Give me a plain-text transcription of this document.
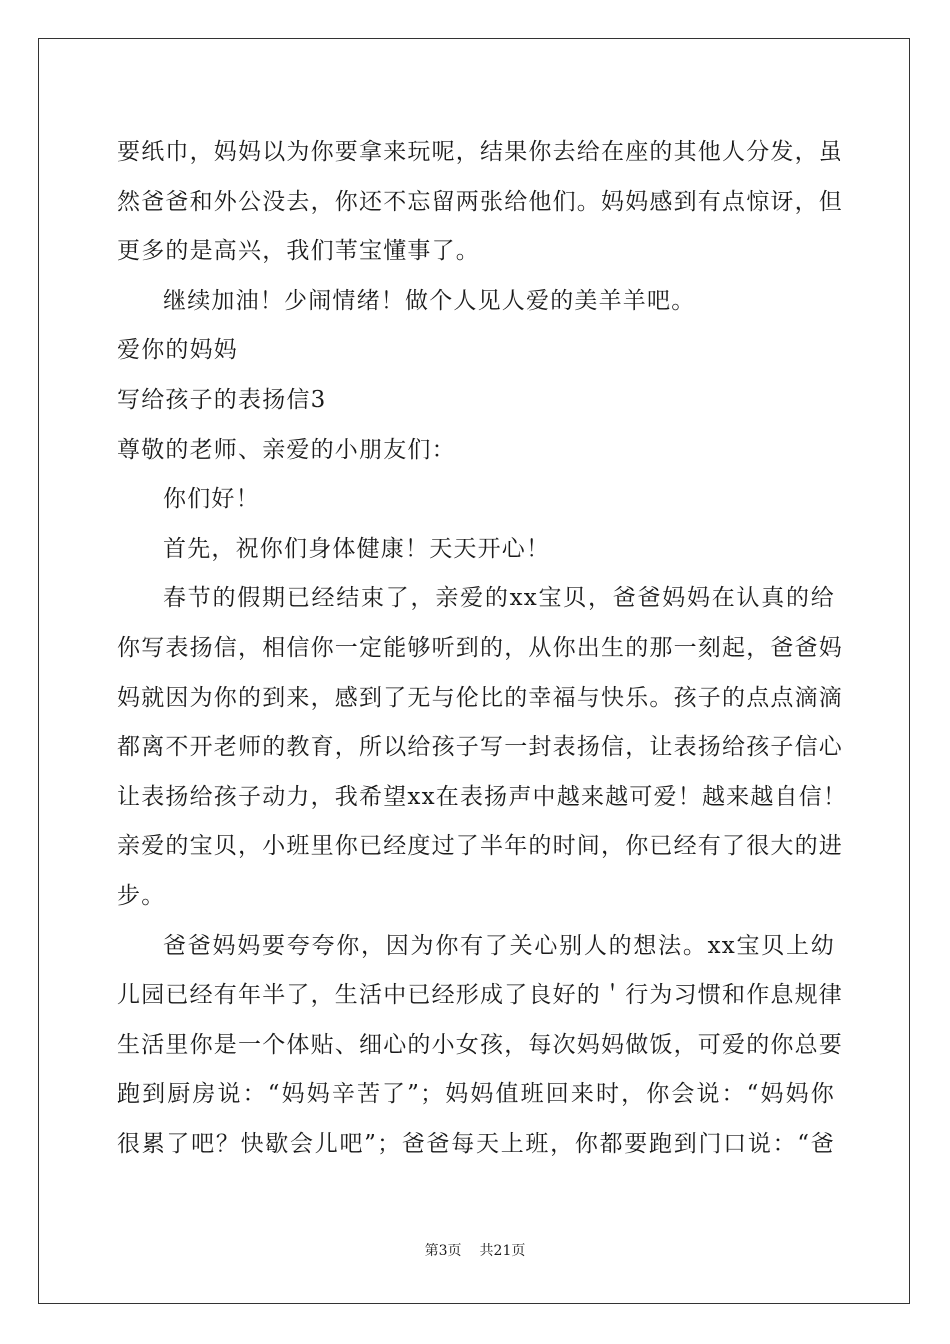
要纸巾，妈妈以为你要拿来玩呢，结果你去给在座的其他人分发，虽
然爸爸和外公没去，你还不忘留两张给他们。妈妈感到有点惊讶，但
更多的是高兴，我们苇宝懂事了。
继续加油！少闹情绪！做个人见人爱的美羊羊吧。
爱你的妈妈
写给孩子的表扬信3
尊敬的老师、亲爱的小朋友们：
你们好！
首先，祝你们身体健康！天天开心！
春节的假期已经结束了，亲爱的xx宝贝，爸爸妈妈在认真的给
你写表扬信，相信你一定能够听到的，从你出生的那一刻起，爸爸妈
妈就因为你的到来，感到了无与伦比的幸福与快乐。孩子的点点滴滴
都离不开老师的教育，所以给孩子写一封表扬信，让表扬给孩子信心
让表扬给孩子动力，我希望xx在表扬声中越来越可爱！越来越自信！
亲爱的宝贝，小班里你已经度过了半年的时间，你已经有了很大的进
步。
爸爸妈妈要夸夸你，因为你有了关心别人的想法。xx宝贝上幼
儿园已经有年半了，生活中已经形成了良好的＇行为习惯和作息规律
生活里你是一个体贴、细心的小女孩，每次妈妈做饭，可爱的你总要
跑到厨房说：“妈妈辛苦了”；妈妈值班回来时，你会说：“妈妈你
很累了吧？快歇会儿吧”；爸爸每天上班，你都要跑到门口说：“爸
第3页 共21页
